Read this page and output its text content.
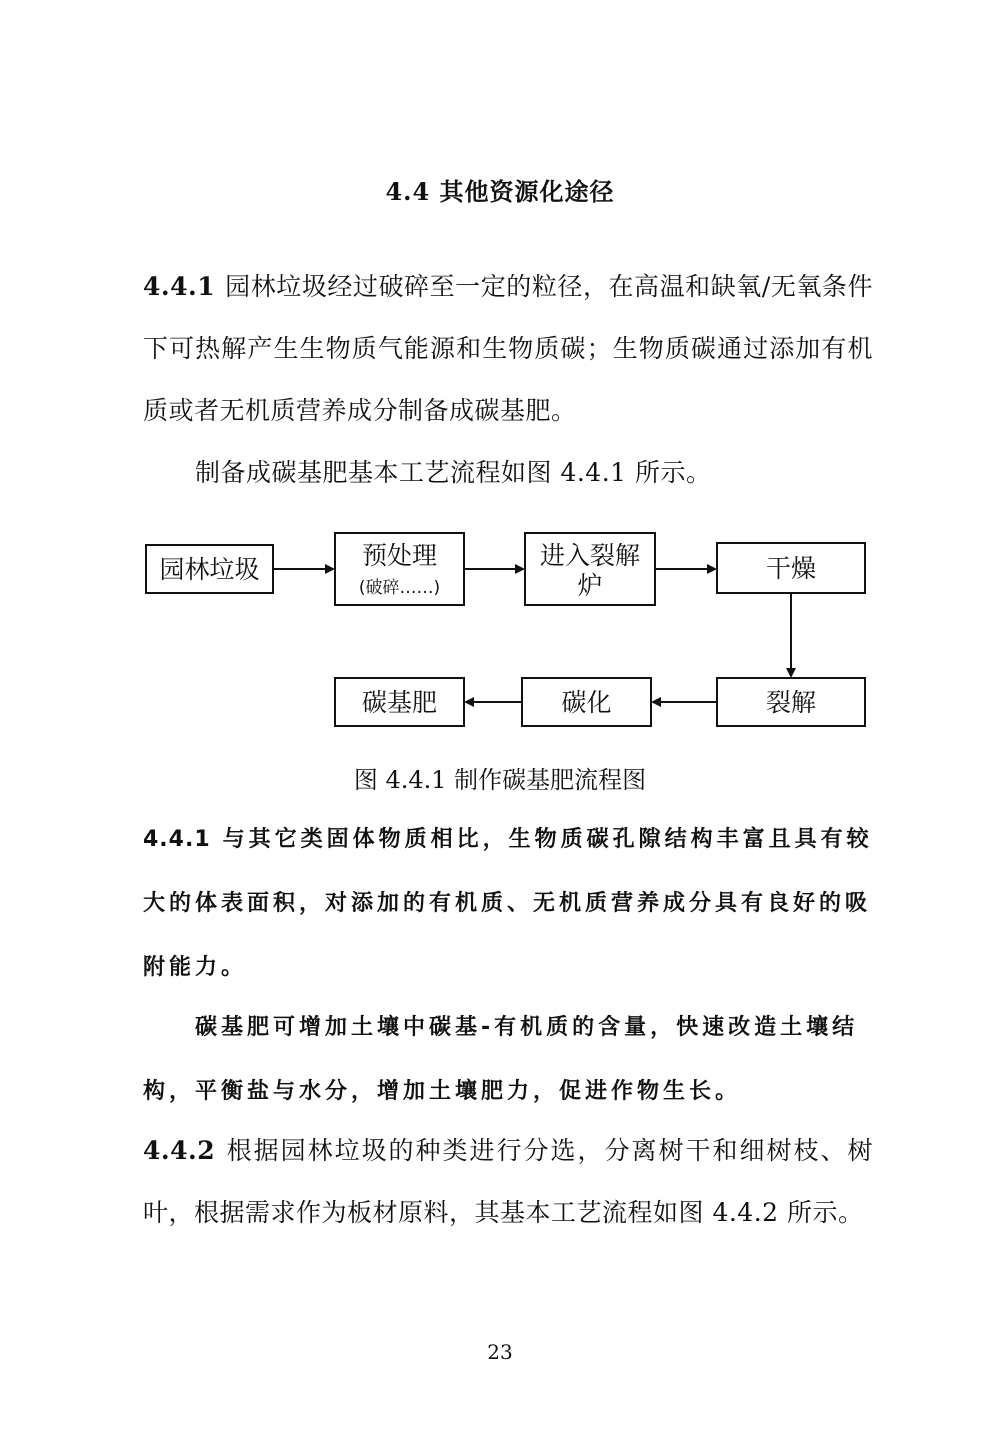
4.4 其他资源化途径
4.4.1 园林垃圾经过破碎至一定的粒径，在高温和缺氧/无氧条件下可热解产生生物质气能源和生物质碳；生物质碳通过添加有机质或者无机质营养成分制备成碳基肥。
制备成碳基肥基本工艺流程如图 4.4.1 所示。
园林垃圾	预处理
(破碎……)
进入裂解
炉
干燥
裂解
碳化
碳基肥
图 4.4.1 制作碳基肥流程图
4.4.1 与其它类固体物质相比，生物质碳孔隙结构丰富且具有较大的体表面积，对添加的有机质、无机质营养成分具有良好的吸附能力。
碳基肥可增加土壤中碳基-有机质的含量，快速改造土壤结构，平衡盐与水分，增加土壤肥力，促进作物生长。
4.4.2 根据园林垃圾的种类进行分选，分离树干和细树枝、树叶，根据需求作为板材原料，其基本工艺流程如图 4.4.2 所示。
23
